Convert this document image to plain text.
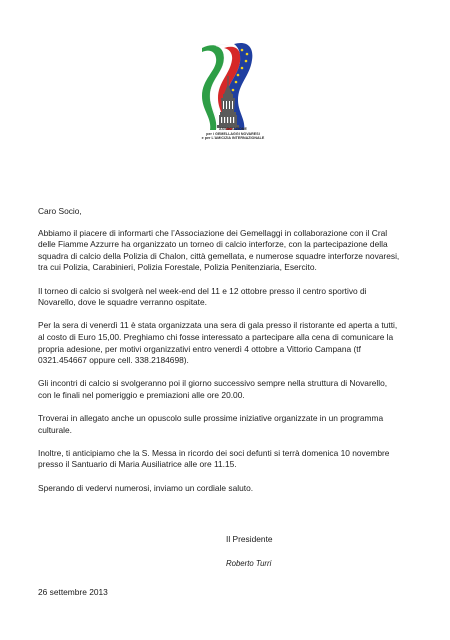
ASSOCIAZIONE
per i GEMELLAGGI NOVARESI
e per L'AMICIZIA INTERNAZIONALE

Caro Socio,

Abbiamo il piacere di informarti che l’Associazione dei Gemellaggi in collaborazione con il Cral
delle Fiamme Azzurre ha organizzato un torneo di calcio interforze, con la partecipazione della
squadra di calcio della Polizia di Chalon, città gemellata, e numerose squadre interforze novaresi,
tra cui Polizia, Carabinieri, Polizia Forestale, Polizia Penitenziaria, Esercito.

Il torneo di calcio si svolgerà nel week-end del 11 e 12 ottobre presso il centro sportivo di
Novarello, dove le squadre verranno ospitate.

Per la sera di venerdì 11 è stata organizzata una sera di gala presso il ristorante ed aperta a tutti,
al costo di Euro 15,00. Preghiamo chi fosse interessato a partecipare alla cena di comunicare la
propria adesione, per motivi organizzativi entro venerdì 4 ottobre a Vittorio Campana (tf
0321.454667 oppure cell. 338.2184698).

Gli incontri di calcio si svolgeranno poi il giorno successivo sempre nella struttura di Novarello,
con le finali nel pomeriggio e premiazioni alle ore 20.00.

Troverai in allegato anche un opuscolo sulle prossime iniziative organizzate in un programma
culturale.

Inoltre, ti anticipiamo che la S. Messa in ricordo dei soci defunti si terrà domenica 10 novembre
presso il Santuario di Maria Ausiliatrice alle ore 11.15.

Sperando di vedervi numerosi, inviamo un cordiale saluto.

Il Presidente
Roberto Turri
26 settembre 2013
